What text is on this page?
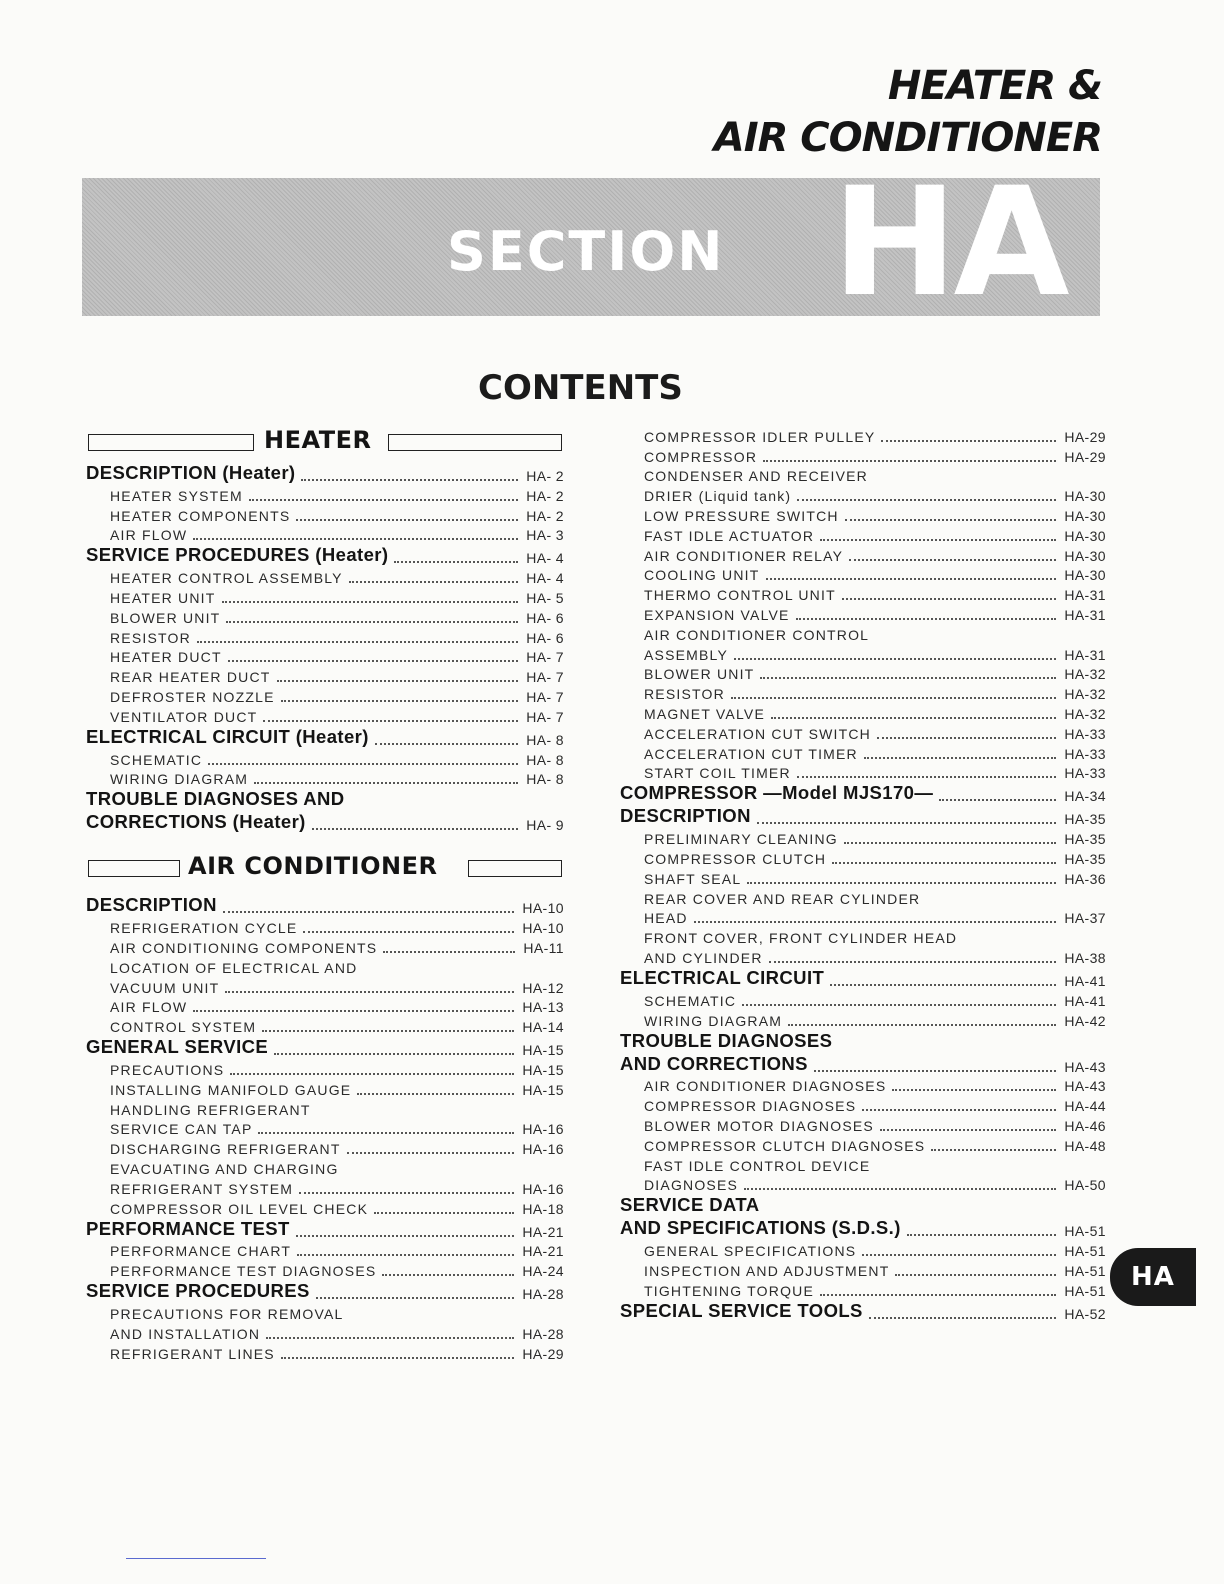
HEATER &
AIR CONDITIONER
SECTION HA
CONTENTS
HEATER
DESCRIPTION (Heater)	HA- 2
HEATER SYSTEM	HA- 2
HEATER COMPONENTS	HA- 2
AIR FLOW	HA- 3
SERVICE PROCEDURES (Heater)	HA- 4
HEATER CONTROL ASSEMBLY	HA- 4
HEATER UNIT	HA- 5
BLOWER UNIT	HA- 6
RESISTOR	HA- 6
HEATER DUCT	HA- 7
REAR HEATER DUCT	HA- 7
DEFROSTER NOZZLE	HA- 7
VENTILATOR DUCT	HA- 7
ELECTRICAL CIRCUIT (Heater)	HA- 8
SCHEMATIC	HA- 8
WIRING DIAGRAM	HA- 8
TROUBLE DIAGNOSES AND
CORRECTIONS (Heater)	HA- 9
AIR CONDITIONER
DESCRIPTION	HA-10
REFRIGERATION CYCLE	HA-10
AIR CONDITIONING COMPONENTS	HA-11
LOCATION OF ELECTRICAL AND
VACUUM UNIT	HA-12
AIR FLOW	HA-13
CONTROL SYSTEM	HA-14
GENERAL SERVICE	HA-15
PRECAUTIONS	HA-15
INSTALLING MANIFOLD GAUGE	HA-15
HANDLING REFRIGERANT
SERVICE CAN TAP	HA-16
DISCHARGING REFRIGERANT	HA-16
EVACUATING AND CHARGING
REFRIGERANT SYSTEM	HA-16
COMPRESSOR OIL LEVEL CHECK	HA-18
PERFORMANCE TEST	HA-21
PERFORMANCE CHART	HA-21
PERFORMANCE TEST DIAGNOSES	HA-24
SERVICE PROCEDURES	HA-28
PRECAUTIONS FOR REMOVAL
AND INSTALLATION	HA-28
REFRIGERANT LINES	HA-29
COMPRESSOR IDLER PULLEY	HA-29
COMPRESSOR	HA-29
CONDENSER AND RECEIVER
DRIER (Liquid tank)	HA-30
LOW PRESSURE SWITCH	HA-30
FAST IDLE ACTUATOR	HA-30
AIR CONDITIONER RELAY	HA-30
COOLING UNIT	HA-30
THERMO CONTROL UNIT	HA-31
EXPANSION VALVE	HA-31
AIR CONDITIONER CONTROL
ASSEMBLY	HA-31
BLOWER UNIT	HA-32
RESISTOR	HA-32
MAGNET VALVE	HA-32
ACCELERATION CUT SWITCH	HA-33
ACCELERATION CUT TIMER	HA-33
START COIL TIMER	HA-33
COMPRESSOR —Model MJS170—	HA-34
DESCRIPTION	HA-35
PRELIMINARY CLEANING	HA-35
COMPRESSOR CLUTCH	HA-35
SHAFT SEAL	HA-36
REAR COVER AND REAR CYLINDER
HEAD	HA-37
FRONT COVER, FRONT CYLINDER HEAD
AND CYLINDER	HA-38
ELECTRICAL CIRCUIT	HA-41
SCHEMATIC	HA-41
WIRING DIAGRAM	HA-42
TROUBLE DIAGNOSES
AND CORRECTIONS	HA-43
AIR CONDITIONER DIAGNOSES	HA-43
COMPRESSOR DIAGNOSES	HA-44
BLOWER MOTOR DIAGNOSES	HA-46
COMPRESSOR CLUTCH DIAGNOSES	HA-48
FAST IDLE CONTROL DEVICE
DIAGNOSES	HA-50
SERVICE DATA
AND SPECIFICATIONS (S.D.S.)	HA-51
GENERAL SPECIFICATIONS	HA-51
INSPECTION AND ADJUSTMENT	HA-51
TIGHTENING TORQUE	HA-51
SPECIAL SERVICE TOOLS	HA-52
HA
